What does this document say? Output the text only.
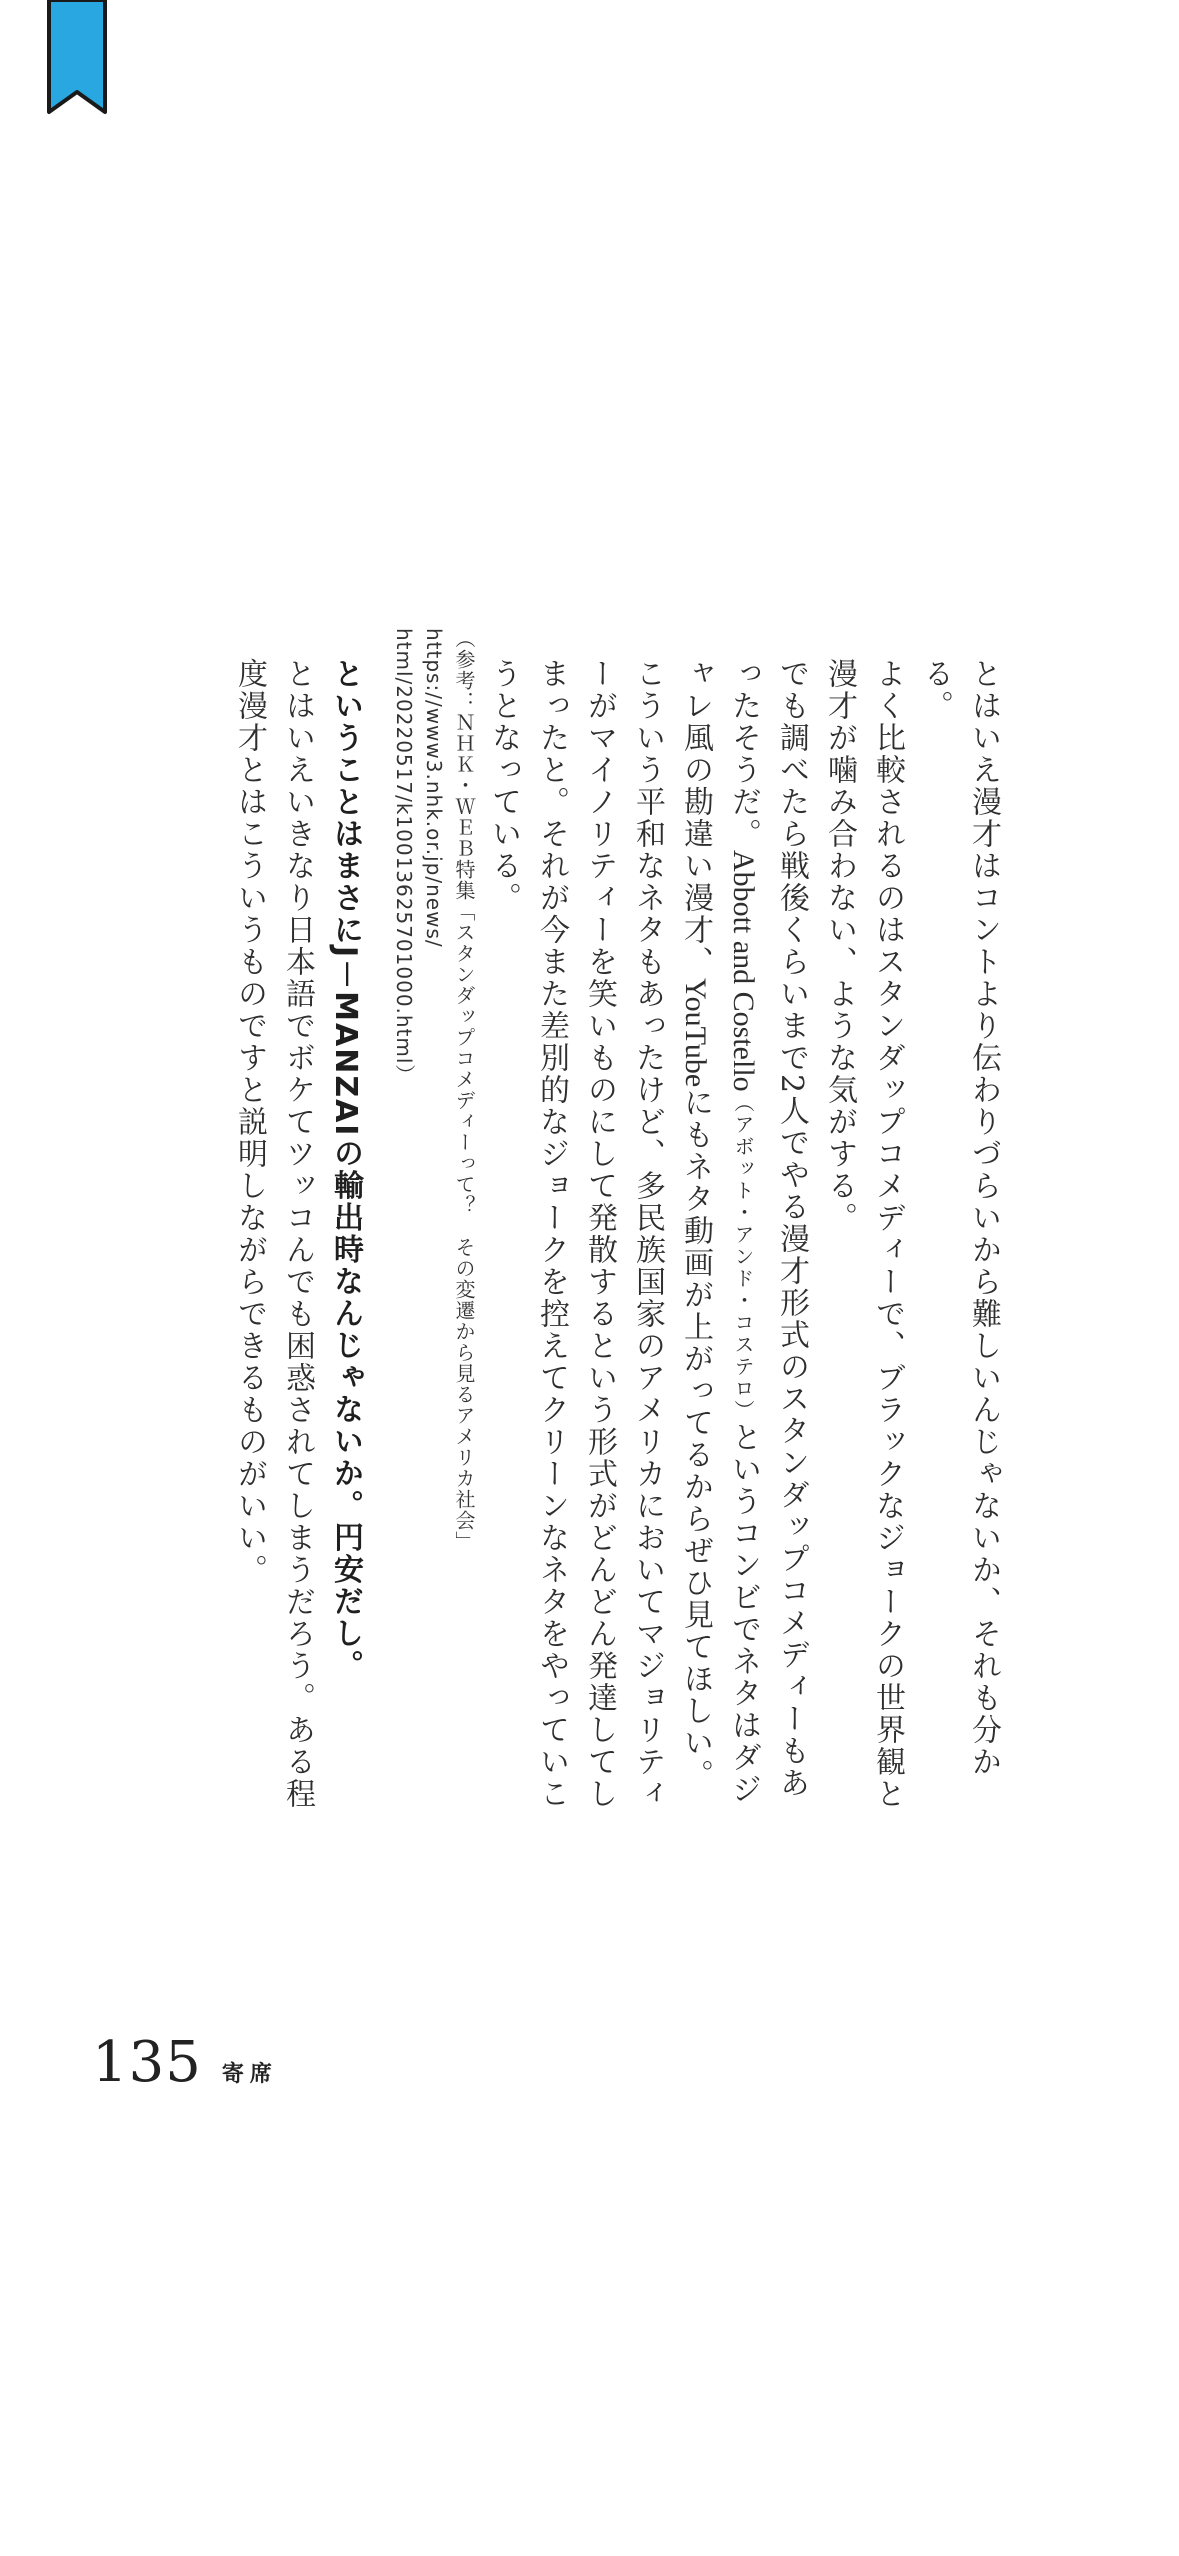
とはいえ漫才はコントより伝わりづらいから難しいんじゃないか、それも分かる。

よく比較されるのはスタンダップコメディーで、ブラックなジョークの世界観と漫才が噛み合わない、ような気がする。

でも調べたら戦後くらいまで2人でやる漫才形式のスタンダップコメディーもあったそうだ。Abbott and Costello（アボット・アンド・コステロ）というコンビでネタはダジャレ風の勘違い漫才、YouTubeにもネタ動画が上がってるからぜひ見てほしい。

こういう平和なネタもあったけど、多民族国家のアメリカにおいてマジョリティーがマイノリティーを笑いものにして発散するという形式がどんどん発達してしまったと。それが今また差別的なジョークを控えてクリーンなネタをやっていこうとなっている。

（参考：ＮＨＫ・ＷＥＢ特集「スタンダップコメディーって？　その変遷から見るアメリカ社会」https://www3.nhk.or.jp/news/
html/20220517/k10013625701000.html）

ということはまさにJ－MANZAIの輸出時なんじゃないか。円安だし。

とはいえいきなり日本語でボケてツッコんでも困惑されてしまうだろう。ある程度漫才とはこういうものですと説明しながらできるものがいい。

135 寄席
